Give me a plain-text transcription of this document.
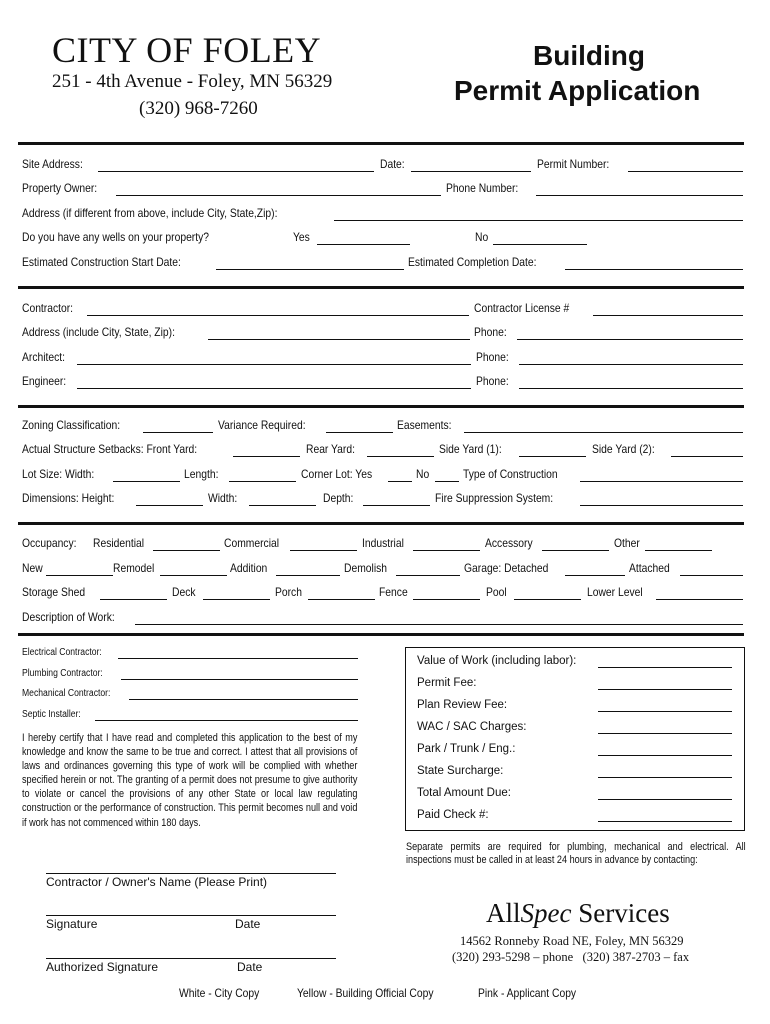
CITY OF FOLEY
251 - 4th Avenue - Foley, MN 56329
(320) 968-7260
Building
Permit Application
Site Address:	Date:	Permit Number:
Property Owner:	Phone Number:
Address (if different from above, include City, State,Zip):
Do you have any wells on your property?	Yes	No
Estimated Construction Start Date:	Estimated Completion Date:
Contractor:	Contractor License #
Address (include City, State, Zip):	Phone:
Architect:	Phone:
Engineer:	Phone:
Zoning Classification:	Variance Required:	Easements:
Actual Structure Setbacks: Front Yard:	Rear Yard:	Side Yard (1):	Side Yard (2):
Lot Size: Width:	Length:	Corner Lot: Yes	No	Type of Construction
Dimensions: Height:	Width:	Depth:	Fire Suppression System:
Occupancy: Residential	Commercial	Industrial	Accessory	Other
New	Remodel	Addition	Demolish	Garage: Detached	Attached
Storage Shed	Deck	Porch	Fence	Pool	Lower Level
Description of Work:
Electrical Contractor:
Plumbing Contractor:
Mechanical Contractor:
Septic Installer:
I hereby certify that I have read and completed this application to the best of my knowledge and know the same to be true and correct. I attest that all provisions of laws and ordinances governing this type of work will be complied with whether specified herein or not. The granting of a permit does not presume to give authority to violate or cancel the provisions of any other State or local law regulating construction or the performance of construction. This permit becomes null and void if work has not commenced within 180 days.
Value of Work (including labor):
Permit Fee:
Plan Review Fee:
WAC / SAC Charges:
Park / Trunk / Eng.:
State Surcharge:
Total Amount Due:
Paid Check #:
Separate permits are required for plumbing, mechanical and electrical. All inspections must be called in at least 24 hours in advance by contacting:
Contractor / Owner's Name (Please Print)
Signature	Date
Authorized Signature	Date
AllSpec Services
14562 Ronneby Road NE, Foley, MN 56329
(320) 293-5298 – phone   (320) 387-2703 – fax
White - City Copy	Yellow - Building Official Copy	Pink - Applicant Copy
